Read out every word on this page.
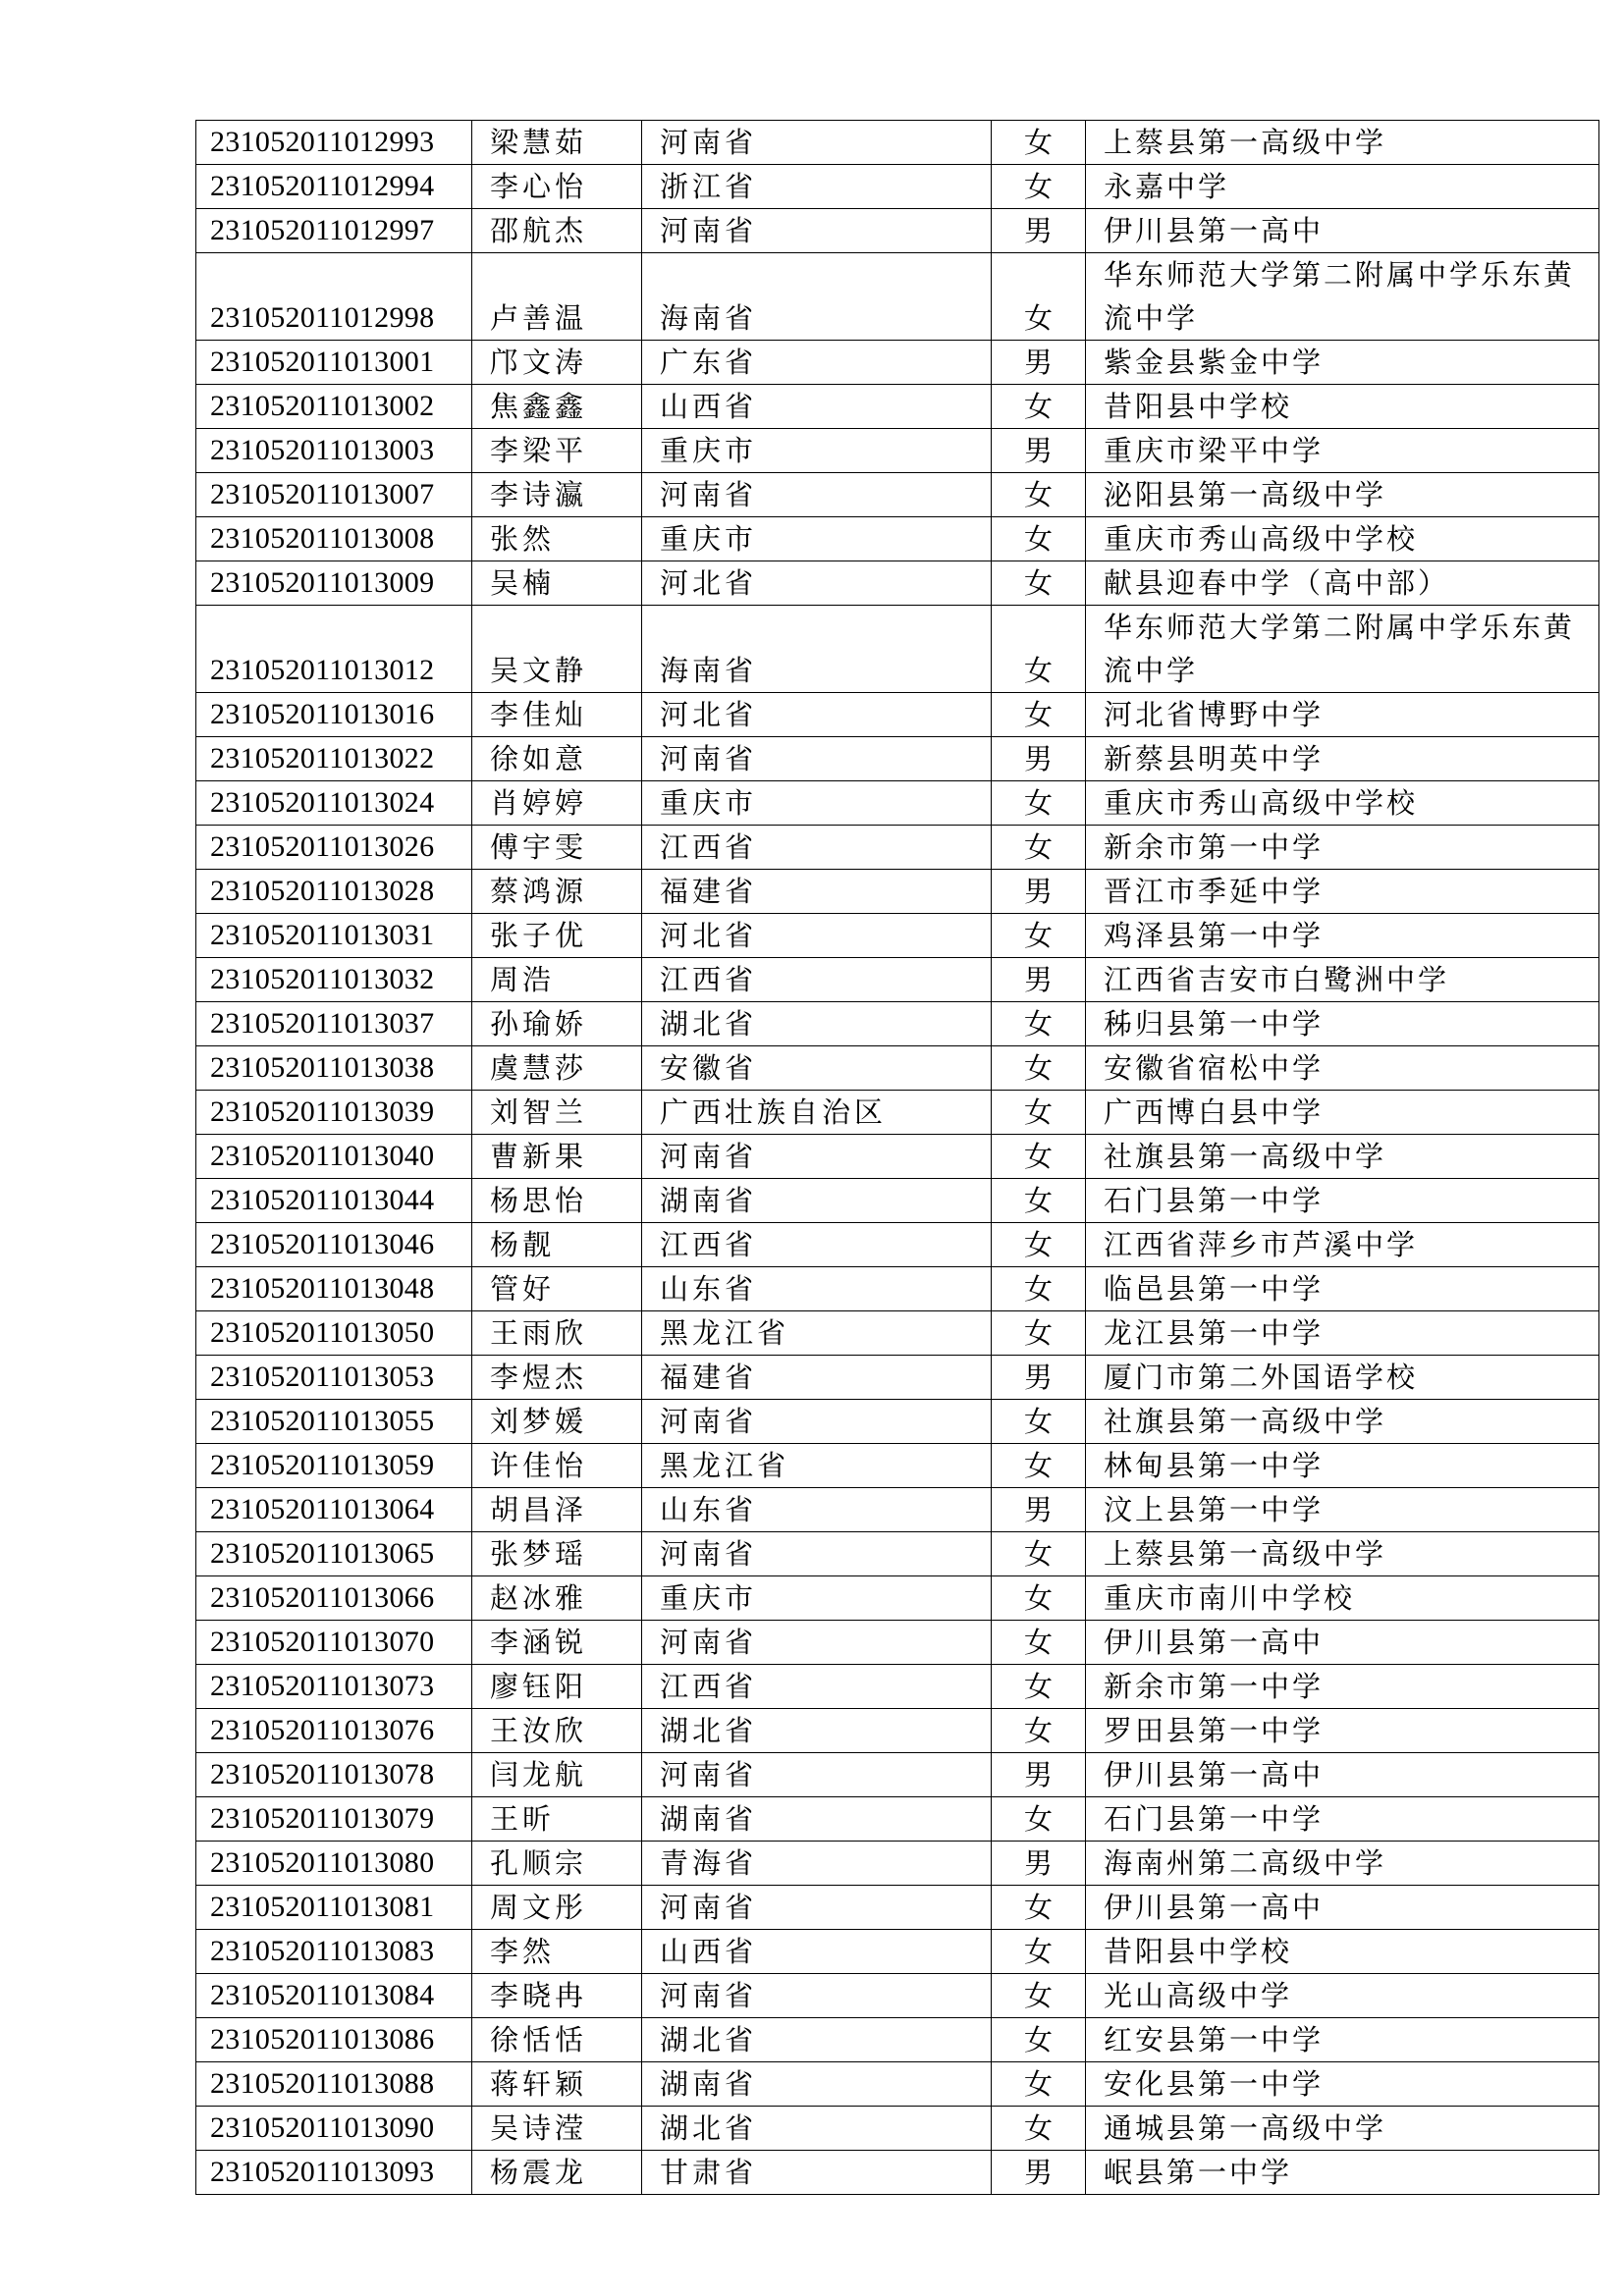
231052011012993	梁慧茹	河南省	女	上蔡县第一高级中学
231052011012994	李心怡	浙江省	女	永嘉中学
231052011012997	邵航杰	河南省	男	伊川县第一高中
231052011012998	卢善温	海南省	女	华东师范大学第二附属中学乐东黄流中学
231052011013001	邝文涛	广东省	男	紫金县紫金中学
231052011013002	焦鑫鑫	山西省	女	昔阳县中学校
231052011013003	李梁平	重庆市	男	重庆市梁平中学
231052011013007	李诗瀛	河南省	女	泌阳县第一高级中学
231052011013008	张然	重庆市	女	重庆市秀山高级中学校
231052011013009	吴楠	河北省	女	献县迎春中学（高中部）
231052011013012	吴文静	海南省	女	华东师范大学第二附属中学乐东黄流中学
231052011013016	李佳灿	河北省	女	河北省博野中学
231052011013022	徐如意	河南省	男	新蔡县明英中学
231052011013024	肖婷婷	重庆市	女	重庆市秀山高级中学校
231052011013026	傅宇雯	江西省	女	新余市第一中学
231052011013028	蔡鸿源	福建省	男	晋江市季延中学
231052011013031	张子优	河北省	女	鸡泽县第一中学
231052011013032	周浩	江西省	男	江西省吉安市白鹭洲中学
231052011013037	孙瑜娇	湖北省	女	秭归县第一中学
231052011013038	虞慧莎	安徽省	女	安徽省宿松中学
231052011013039	刘智兰	广西壮族自治区	女	广西博白县中学
231052011013040	曹新果	河南省	女	社旗县第一高级中学
231052011013044	杨思怡	湖南省	女	石门县第一中学
231052011013046	杨靓	江西省	女	江西省萍乡市芦溪中学
231052011013048	管好	山东省	女	临邑县第一中学
231052011013050	王雨欣	黑龙江省	女	龙江县第一中学
231052011013053	李煜杰	福建省	男	厦门市第二外国语学校
231052011013055	刘梦媛	河南省	女	社旗县第一高级中学
231052011013059	许佳怡	黑龙江省	女	林甸县第一中学
231052011013064	胡昌泽	山东省	男	汶上县第一中学
231052011013065	张梦瑶	河南省	女	上蔡县第一高级中学
231052011013066	赵冰雅	重庆市	女	重庆市南川中学校
231052011013070	李涵锐	河南省	女	伊川县第一高中
231052011013073	廖钰阳	江西省	女	新余市第一中学
231052011013076	王汝欣	湖北省	女	罗田县第一中学
231052011013078	闫龙航	河南省	男	伊川县第一高中
231052011013079	王昕	湖南省	女	石门县第一中学
231052011013080	孔顺宗	青海省	男	海南州第二高级中学
231052011013081	周文彤	河南省	女	伊川县第一高中
231052011013083	李然	山西省	女	昔阳县中学校
231052011013084	李晓冉	河南省	女	光山高级中学
231052011013086	徐恬恬	湖北省	女	红安县第一中学
231052011013088	蒋轩颖	湖南省	女	安化县第一中学
231052011013090	吴诗滢	湖北省	女	通城县第一高级中学
231052011013093	杨震龙	甘肃省	男	岷县第一中学
